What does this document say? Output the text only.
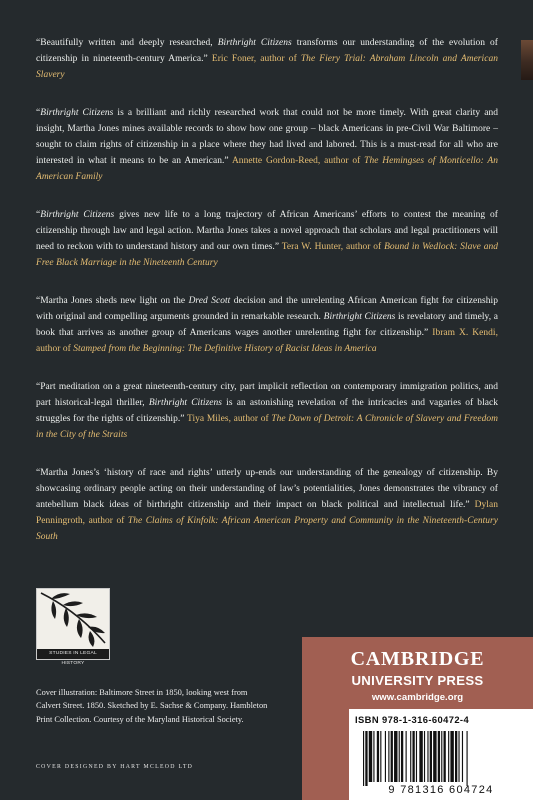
“Beautifully written and deeply researched, Birthright Citizens transforms our understanding of the evolution of citizenship in nineteenth-century America.” Eric Foner, author of The Fiery Trial: Abraham Lincoln and American Slavery

“Birthright Citizens is a brilliant and richly researched work that could not be more timely. With great clarity and insight, Martha Jones mines available records to show how one group – black Americans in pre-Civil War Baltimore – sought to claim rights of citizenship in a place where they had lived and labored. This is a must-read for all who are interested in what it means to be an American.” Annette Gordon-Reed, author of The Hemingses of Monticello: An American Family

“Birthright Citizens gives new life to a long trajectory of African Americans’ efforts to contest the meaning of citizenship through law and legal action. Martha Jones takes a novel approach that scholars and legal practitioners will need to reckon with to understand history and our own times.” Tera W. Hunter, author of Bound in Wedlock: Slave and Free Black Marriage in the Nineteenth Century

“Martha Jones sheds new light on the Dred Scott decision and the unrelenting African American fight for citizenship with original and compelling arguments grounded in remarkable research. Birthright Citizens is revelatory and timely, a book that arrives as another group of Americans wages another unrelenting fight for citizenship.” Ibram X. Kendi, author of Stamped from the Beginning: The Definitive History of Racist Ideas in America

“Part meditation on a great nineteenth-century city, part implicit reflection on contemporary immigration politics, and part historical-legal thriller, Birthright Citizens is an astonishing revelation of the intricacies and vagaries of black struggles for the rights of citizenship.” Tiya Miles, author of The Dawn of Detroit: A Chronicle of Slavery and Freedom in the City of the Straits

“Martha Jones’s ‘history of race and rights’ utterly up-ends our understanding of the genealogy of citizenship. By showcasing ordinary people acting on their understanding of law’s potentialities, Jones demonstrates the vibrancy of antebellum black ideas of birthright citizenship and their impact on black political and intellectual life.” Dylan Penningroth, author of The Claims of Kinfolk: African American Property and Community in the Nineteenth-Century South

STUDIES IN LEGAL HISTORY

Cover illustration: Baltimore Street in 1850, looking west from Calvert Street. 1850. Sketched by E. Sachse & Company. Hambleton Print Collection. Courtesy of the Maryland Historical Society.

COVER DESIGNED BY HART MCLEOD LTD
CAMBRIDGE
UNIVERSITY PRESS
www.cambridge.org
ISBN 978-1-316-60472-4
9 781316 604724
